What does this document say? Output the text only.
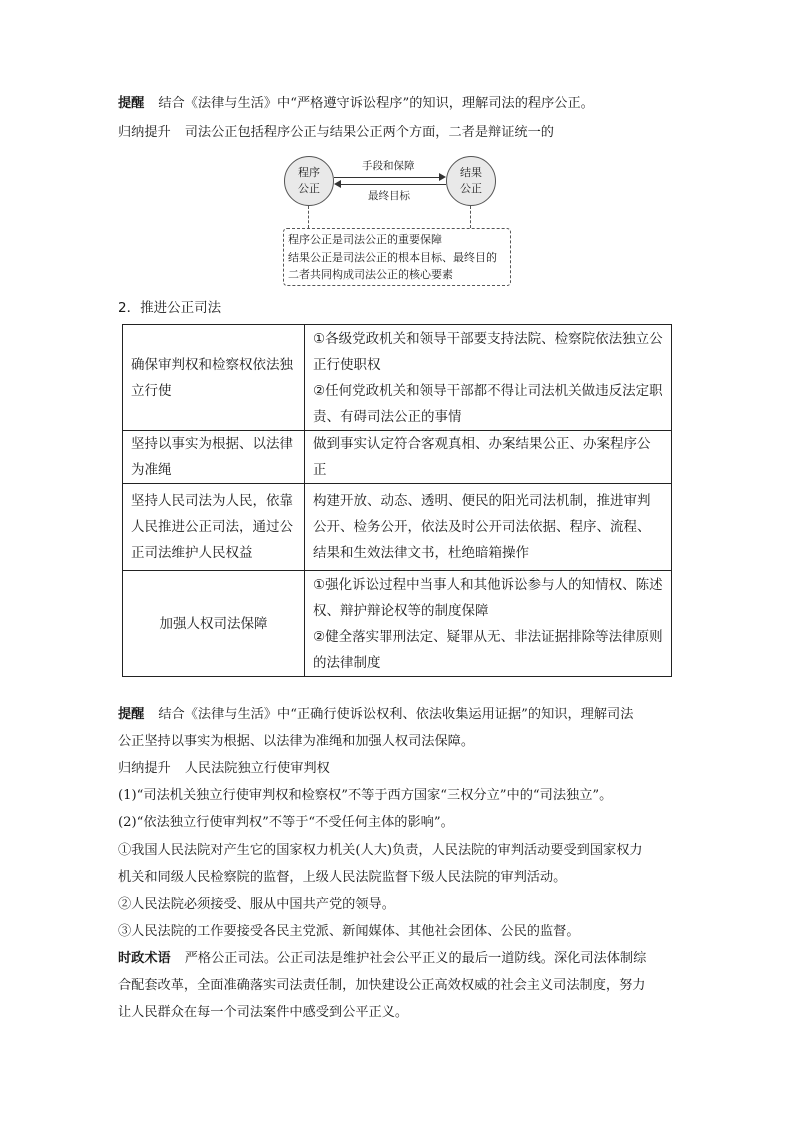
提醒 结合《法律与生活》中“严格遵守诉讼程序”的知识，理解司法的程序公正。
归纳提升 司法公正包括程序公正与结果公正两个方面，二者是辩证统一的
程序
公正
结果
公正
手段和保障
最终目标
程序公正是司法公正的重要保障
结果公正是司法公正的根本目标、最终目的
二者共同构成司法公正的核心要素
2．推进公正司法
确保审判权和检察权依法独立行使	①各级党政机关和领导干部要支持法院、检察院依法独立公正行使职权
②任何党政机关和领导干部都不得让司法机关做违反法定职责、有碍司法公正的事情

坚持以事实为根据、以法律为准绳	做到事实认定符合客观真相、办案结果公正、办案程序公正
坚持人民司法为人民，依靠人民推进公正司法，通过公正司法维护人民权益	构建开放、动态、透明、便民的阳光司法机制，推进审判公开、检务公开，依法及时公开司法依据、程序、流程、结果和生效法律文书，杜绝暗箱操作
加强人权司法保障	①强化诉讼过程中当事人和其他诉讼参与人的知情权、陈述权、辩护辩论权等的制度保障
②健全落实罪刑法定、疑罪从无、非法证据排除等法律原则的法律制度
提醒 结合《法律与生活》中“正确行使诉讼权利、依法收集运用证据”的知识，理解司法
公正坚持以事实为根据、以法律为准绳和加强人权司法保障。
归纳提升 人民法院独立行使审判权
(1)“司法机关独立行使审判权和检察权”不等于西方国家“三权分立”中的“司法独立”。
(2)“依法独立行使审判权”不等于“不受任何主体的影响”。
①我国人民法院对产生它的国家权力机关(人大)负责，人民法院的审判活动要受到国家权力
机关和同级人民检察院的监督，上级人民法院监督下级人民法院的审判活动。
②人民法院必须接受、服从中国共产党的领导。
③人民法院的工作要接受各民主党派、新闻媒体、其他社会团体、公民的监督。
时政术语 严格公正司法。公正司法是维护社会公平正义的最后一道防线。深化司法体制综
合配套改革，全面准确落实司法责任制，加快建设公正高效权威的社会主义司法制度，努力
让人民群众在每一个司法案件中感受到公平正义。
